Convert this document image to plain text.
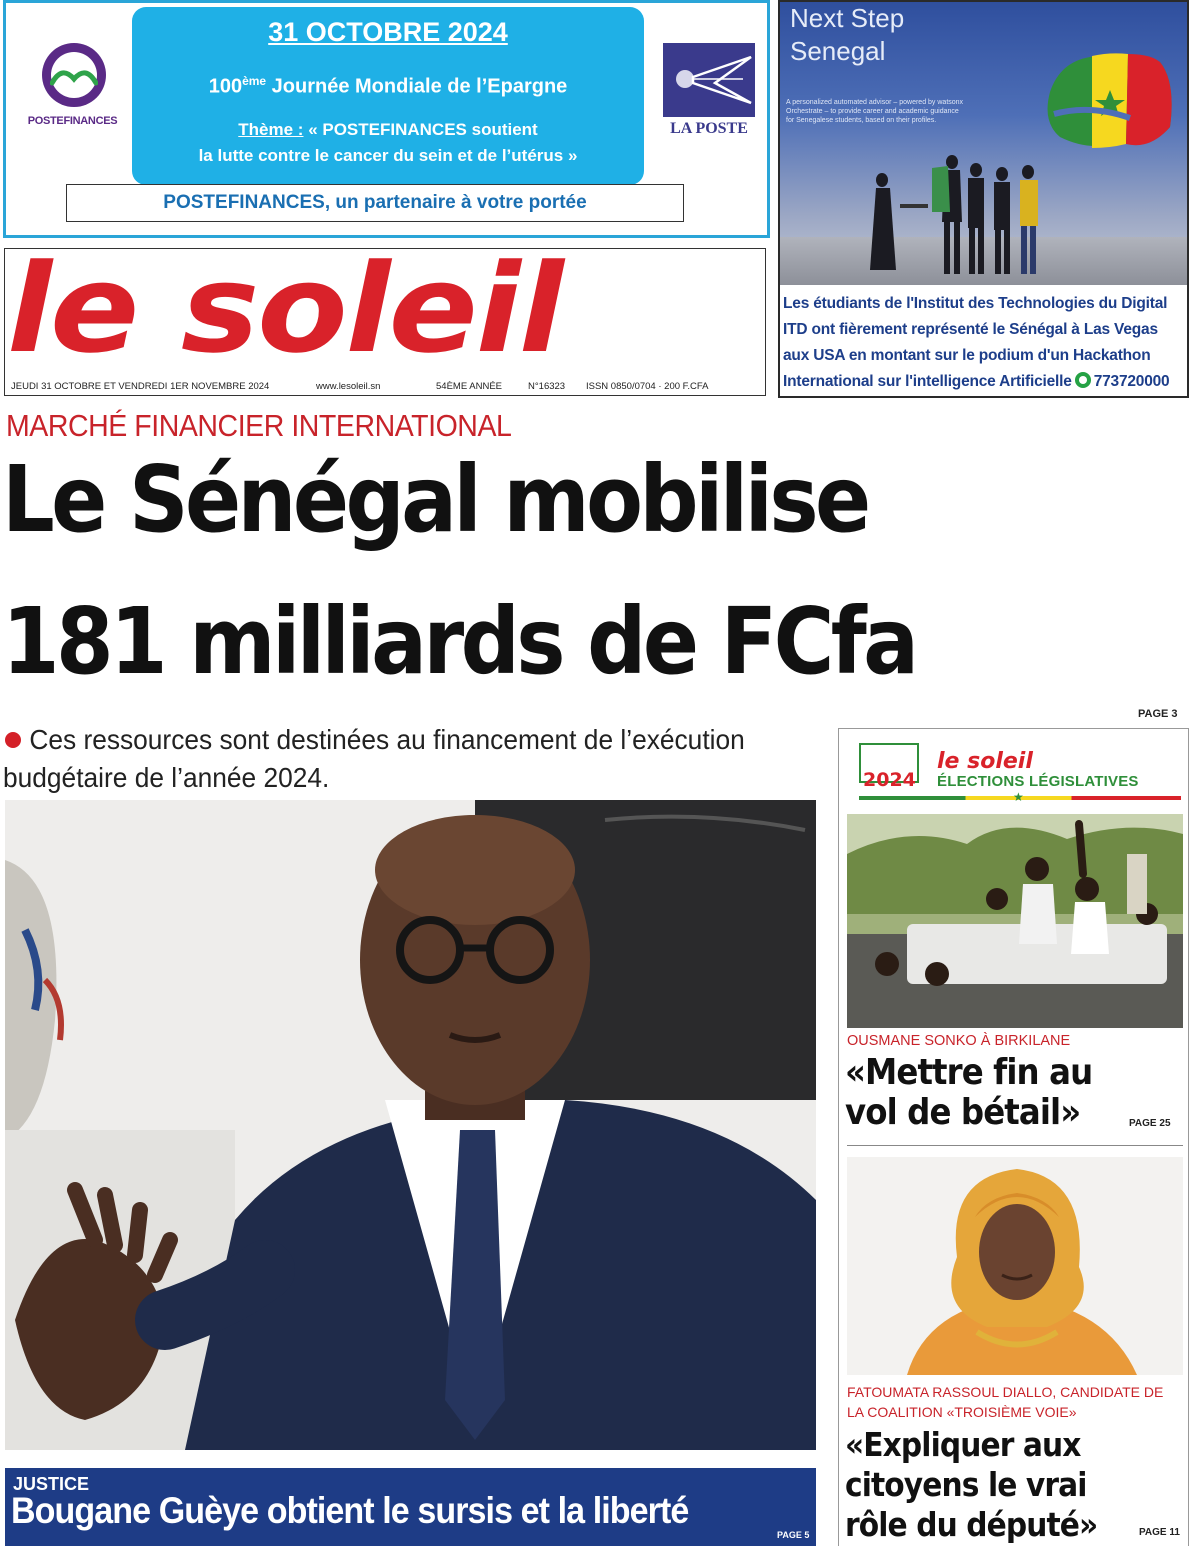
POSTEFINANCES
31 OCTOBRE 2024
100ème Journée Mondiale de l’Epargne
Thème : « POSTEFINANCES soutient
la lutte contre le cancer du sein et de l’utérus »
LA POSTE
POSTEFINANCES, un partenaire à votre portée
Next Step
Senegal
A personalized automated advisor – powered by watsonx Orchestrate – to provide career and academic guidance for Senegalese students, based on their profiles.
Les étudiants de l'Institut des Technologies du Digital ITD ont fièrement représenté le Sénégal à Las Vegas aux USA en montant sur le podium d'un Hackathon International sur l'intelligence Artificielle 773720000
le soleil
JEUDI 31 OCTOBRE ET VENDREDI 1ER NOVEMBRE 2024	www.lesoleil.sn	54ÈME ANNÉE	N°16323 ISSN 0850/0704 · 200 F.CFA
MARCHÉ FINANCIER INTERNATIONAL
Le Sénégal mobilise
181 milliards de FCfa
PAGE 3
Ces ressources sont destinées au financement de l’exécution budgétaire de l’année 2024.
JUSTICE
Bougane Guèye obtient le sursis et la liberté
PAGE 5
2024
le soleil
ÉLECTIONS LÉGISLATIVES
★
OUSMANE SONKO À BIRKILANE
«Mettre fin au vol de bétail»	PAGE 25
FATOUMATA RASSOUL DIALLO, CANDIDATE DE LA COALITION «TROISIÈME VOIE»
«Expliquer aux citoyens le vrai rôle du député»	PAGE 11
